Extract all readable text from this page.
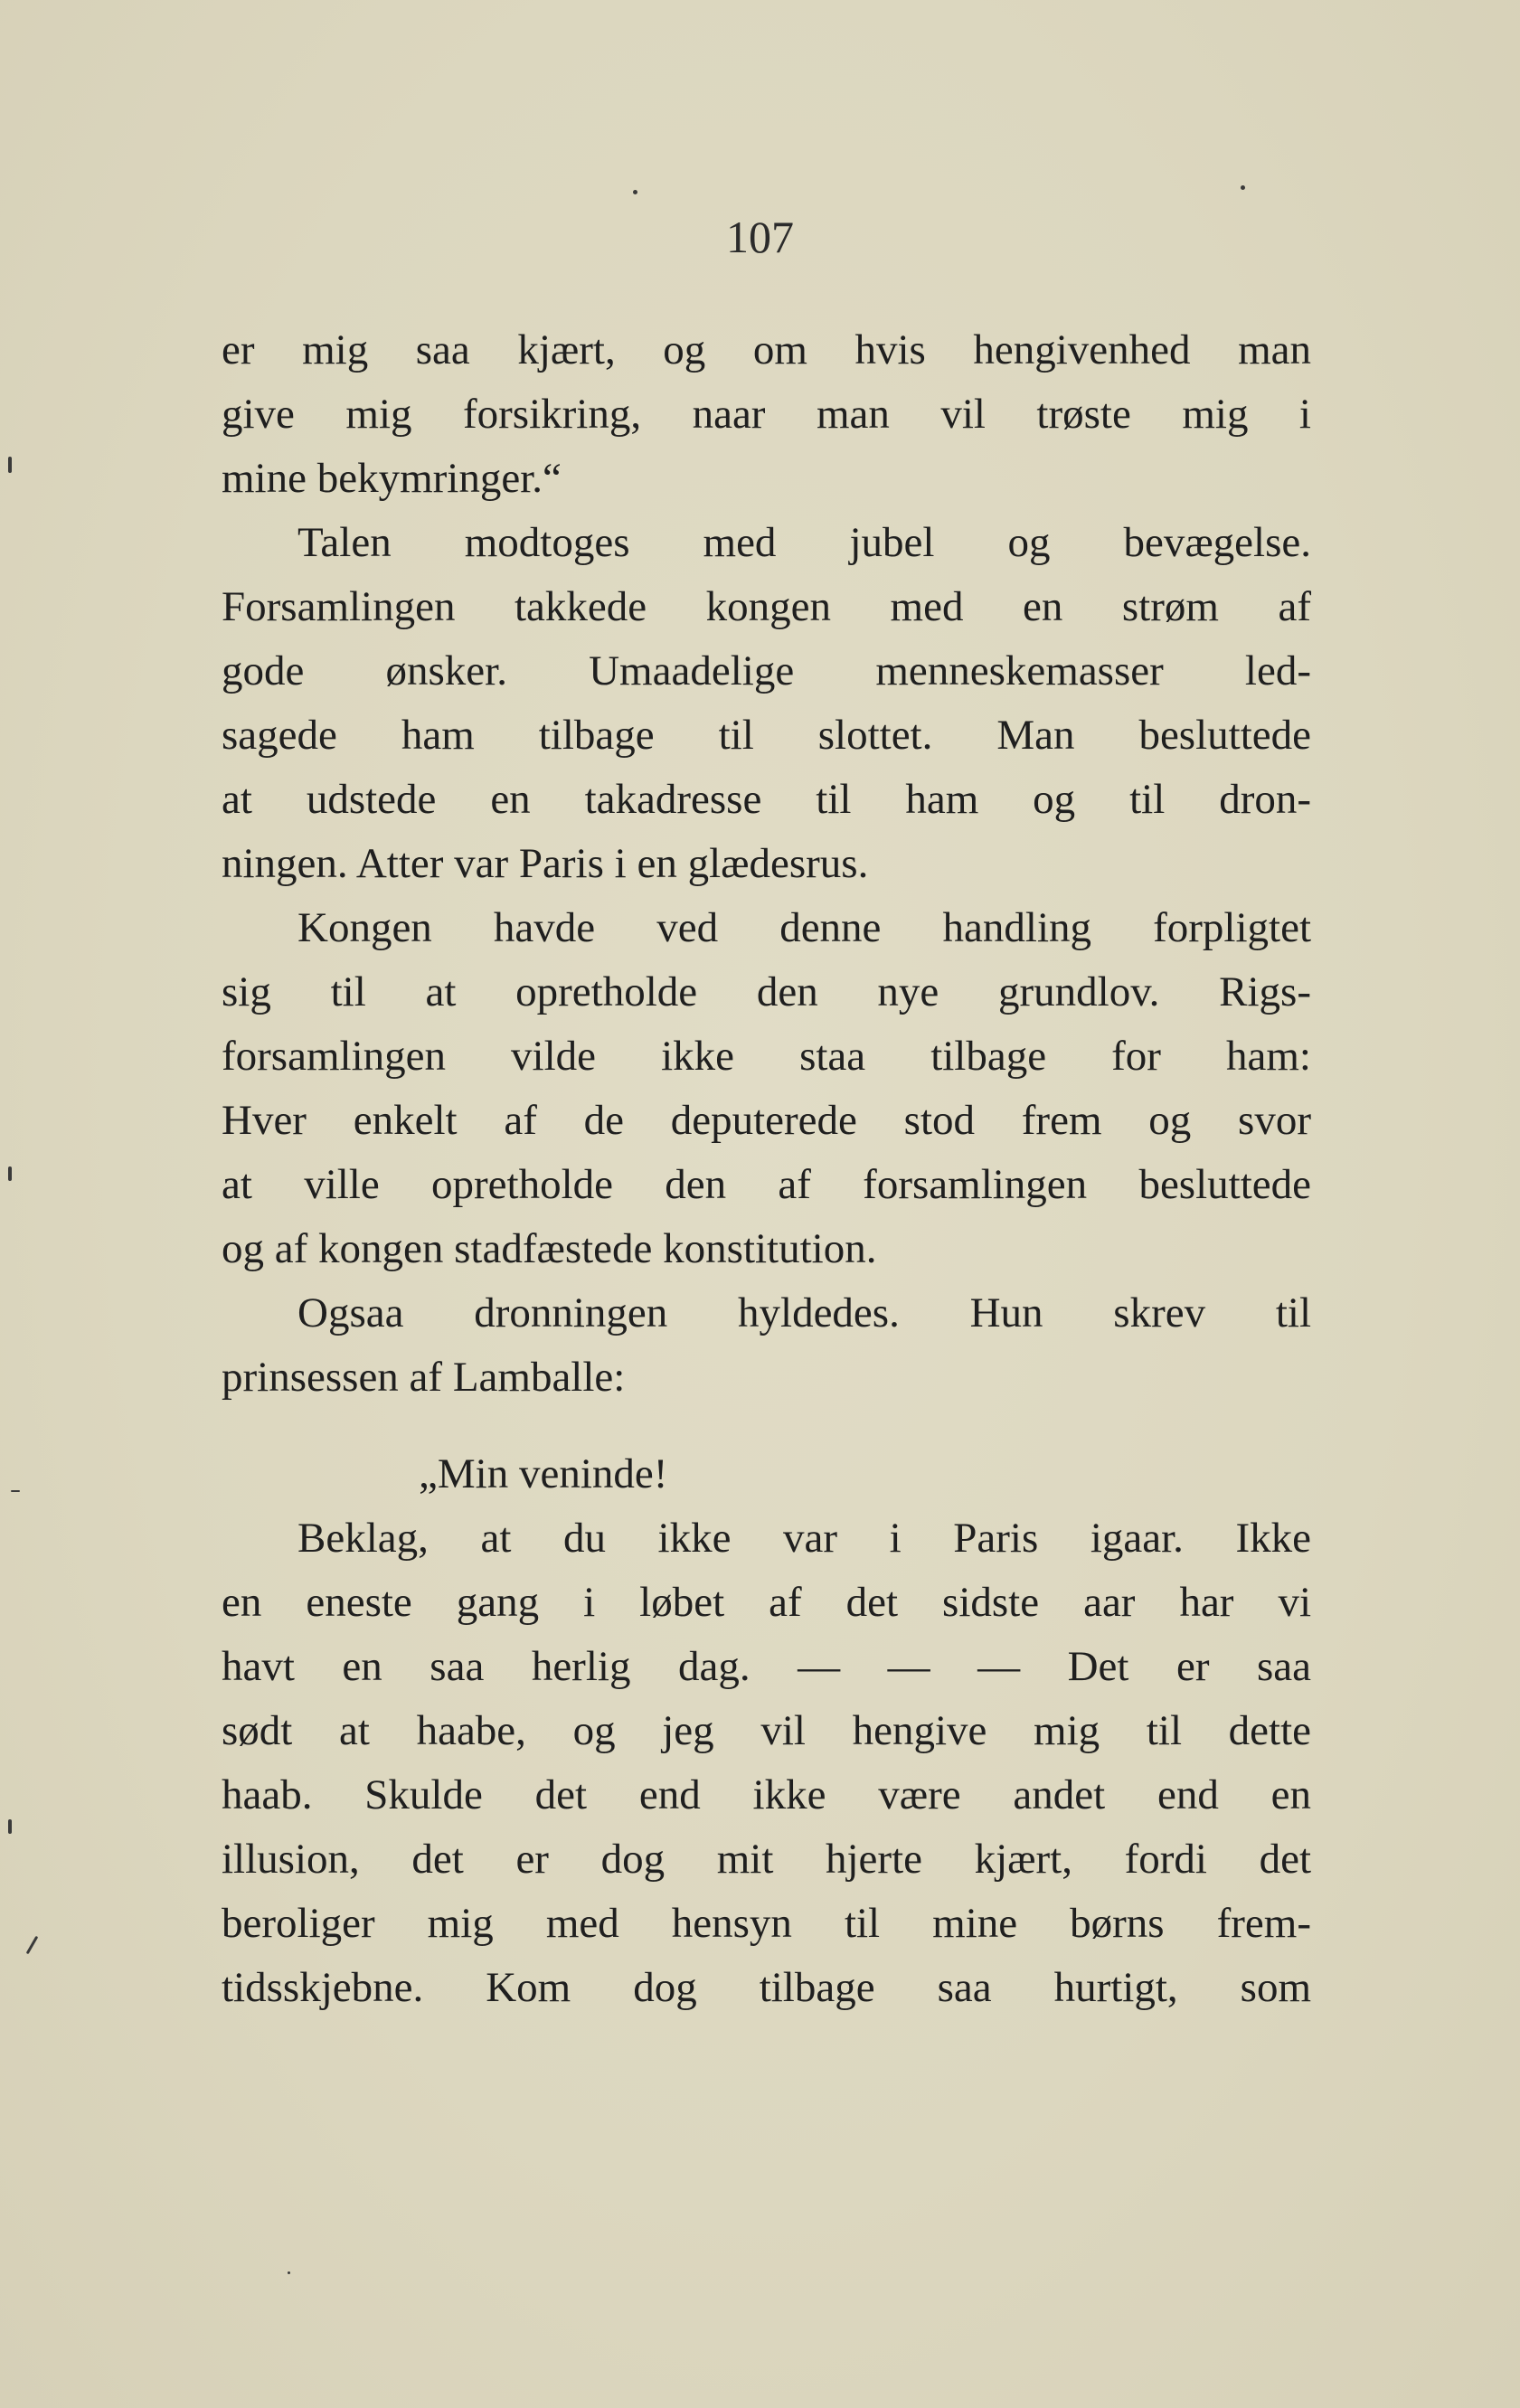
107
er mig saa kjært, og om hvis hengivenhed man
give mig forsikring, naar man vil trøste mig i
mine bekymringer.“
Talen modtoges med jubel og bevægelse.
Forsamlingen takkede kongen med en strøm af
gode ønsker. Umaadelige menneskemasser led-
sagede ham tilbage til slottet. Man besluttede
at udstede en takadresse til ham og til dron-
ningen. Atter var Paris i en glædesrus.
Kongen havde ved denne handling forpligtet
sig til at opretholde den nye grundlov. Rigs-
forsamlingen vilde ikke staa tilbage for ham:
Hver enkelt af de deputerede stod frem og svor
at ville opretholde den af forsamlingen besluttede
og af kongen stadfæstede konstitution.
Ogsaa dronningen hyldedes. Hun skrev til
prinsessen af Lamballe:
„Min veninde!
Beklag, at du ikke var i Paris igaar. Ikke
en eneste gang i løbet af det sidste aar har vi
havt en saa herlig dag. — — — Det er saa
sødt at haabe, og jeg vil hengive mig til dette
haab. Skulde det end ikke være andet end en
illusion, det er dog mit hjerte kjært, fordi det
beroliger mig med hensyn til mine børns frem-
tidsskjebne. Kom dog tilbage saa hurtigt, som
